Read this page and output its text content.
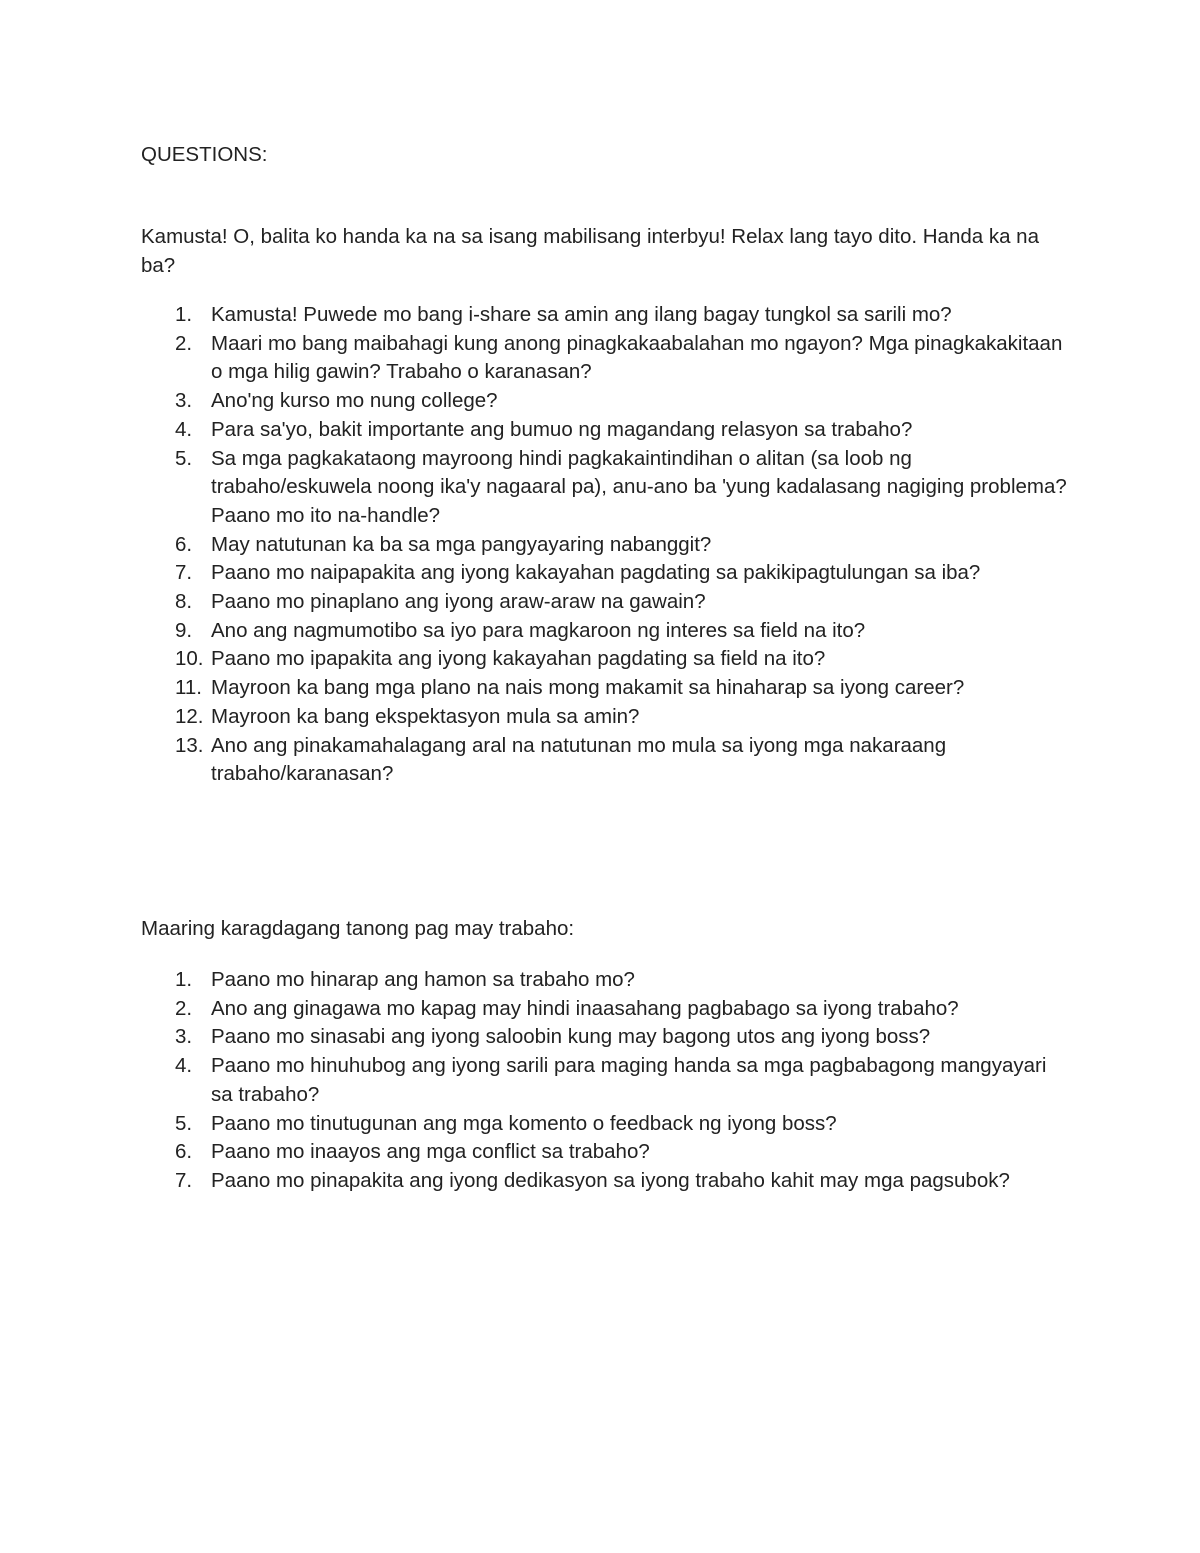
QUESTIONS:

Kamusta! O, balita ko handa ka na sa isang mabilisang interbyu! Relax lang tayo dito. Handa ka na ba?

1. Kamusta! Puwede mo bang i-share sa amin ang ilang bagay tungkol sa sarili mo?
2. Maari mo bang maibahagi kung anong pinagkakaabalahan mo ngayon? Mga pinagkakakitaan o mga hilig gawin? Trabaho o karanasan?
3. Ano'ng kurso mo nung college?
4. Para sa'yo, bakit importante ang bumuo ng magandang relasyon sa trabaho?
5. Sa mga pagkakataong mayroong hindi pagkakaintindihan o alitan (sa loob ng trabaho/eskuwela noong ika'y nagaaral pa), anu-ano ba 'yung kadalasang nagiging problema? Paano mo ito na-handle?
6. May natutunan ka ba sa mga pangyayaring nabanggit?
7. Paano mo naipapakita ang iyong kakayahan pagdating sa pakikipagtulungan sa iba?
8. Paano mo pinaplano ang iyong araw-araw na gawain?
9. Ano ang nagmumotibo sa iyo para magkaroon ng interes sa field na ito?
10. Paano mo ipapakita ang iyong kakayahan pagdating sa field na ito?
11. Mayroon ka bang mga plano na nais mong makamit sa hinaharap sa iyong career?
12. Mayroon ka bang ekspektasyon mula sa amin?
13. Ano ang pinakamahalagang aral na natutunan mo mula sa iyong mga nakaraang trabaho/karanasan?

Maaring karagdagang tanong pag may trabaho:

1. Paano mo hinarap ang hamon sa trabaho mo?
2. Ano ang ginagawa mo kapag may hindi inaasahang pagbabago sa iyong trabaho?
3. Paano mo sinasabi ang iyong saloobin kung may bagong utos ang iyong boss?
4. Paano mo hinuhubog ang iyong sarili para maging handa sa mga pagbabagong mangyayari sa trabaho?
5. Paano mo tinutugunan ang mga komento o feedback ng iyong boss?
6. Paano mo inaayos ang mga conflict sa trabaho?
7. Paano mo pinapakita ang iyong dedikasyon sa iyong trabaho kahit may mga pagsubok?
